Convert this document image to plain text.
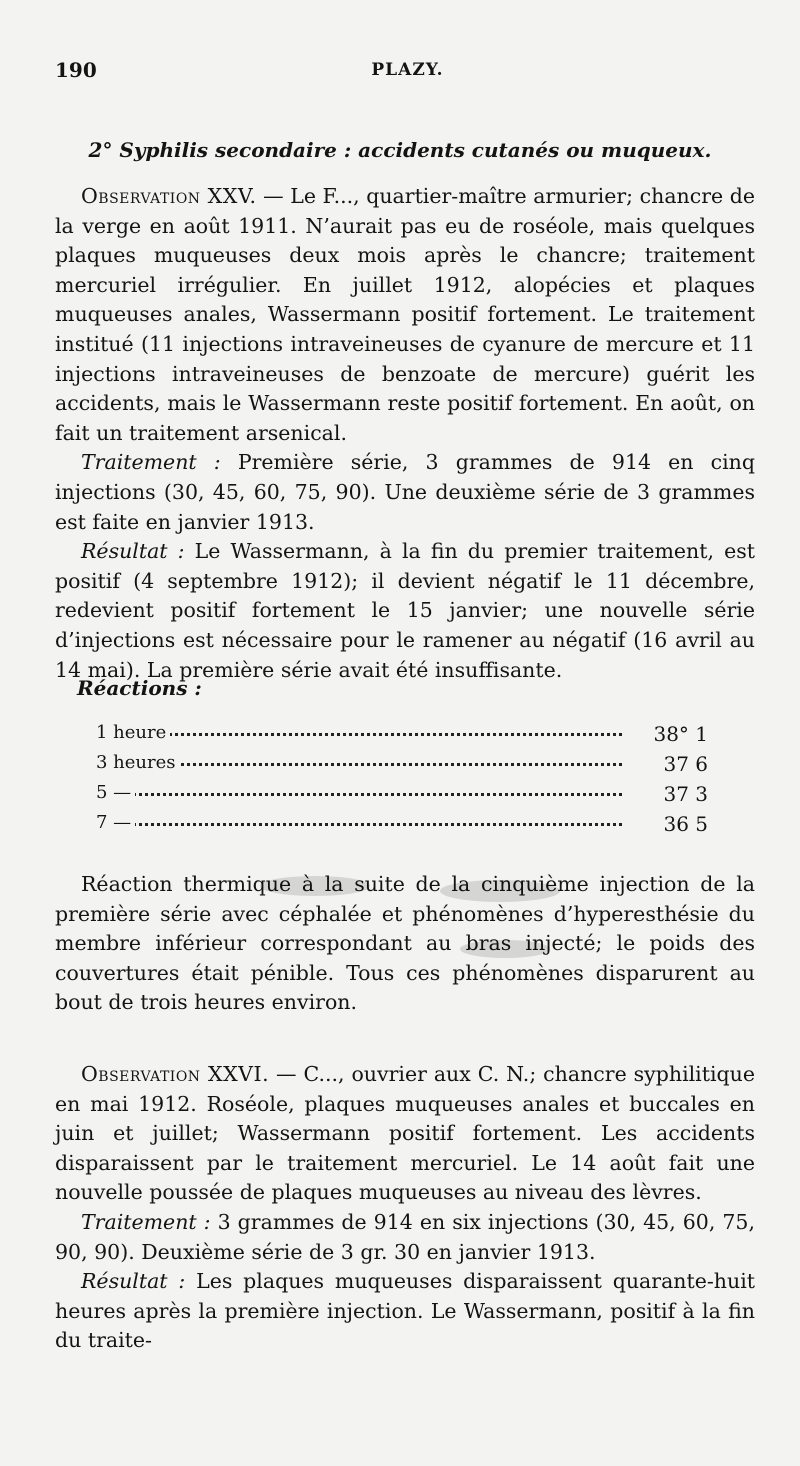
190	PLAZY.
2° Syphilis secondaire : accidents cutanés ou muqueux.

Observation XXV. — Le F..., quartier-maître armurier; chancre de la verge en août 1911. N’aurait pas eu de roséole, mais quelques plaques muqueuses deux mois après le chancre; traitement mercuriel irrégulier. En juillet 1912, alopécies et plaques muqueuses anales, Wassermann positif fortement. Le traitement institué (11 injections intraveineuses de cyanure de mercure et 11 injections intraveineuses de benzoate de mercure) guérit les accidents, mais le Wassermann reste positif fortement. En août, on fait un traitement arsenical.

Traitement : Première série, 3 grammes de 914 en cinq injections (30, 45, 60, 75, 90). Une deuxième série de 3 grammes est faite en janvier 1913.

Résultat : Le Wassermann, à la fin du premier traitement, est positif (4 septembre 1912); il devient négatif le 11 décembre, redevient positif fortement le 15 janvier; une nouvelle série d’injections est nécessaire pour le ramener au négatif (16 avril au 14 mai). La première série avait été insuffisante.

Réactions :
1 heure	38° 1
3 heures	37 6
5 —	37 3
7 —	36 5

Réaction thermique à la suite de la cinquième injection de la première série avec céphalée et phénomènes d’hyperesthésie du membre inférieur correspondant au bras injecté; le poids des couvertures était pénible. Tous ces phénomènes disparurent au bout de trois heures environ.

Observation XXVI. — C..., ouvrier aux C. N.; chancre syphilitique en mai 1912. Roséole, plaques muqueuses anales et buccales en juin et juillet; Wassermann positif fortement. Les accidents disparaissent par le traitement mercuriel. Le 14 août fait une nouvelle poussée de plaques muqueuses au niveau des lèvres.

Traitement : 3 grammes de 914 en six injections (30, 45, 60, 75, 90, 90). Deuxième série de 3 gr. 30 en janvier 1913.

Résultat : Les plaques muqueuses disparaissent quarante-huit heures après la première injection. Le Wassermann, positif à la fin du traite-
